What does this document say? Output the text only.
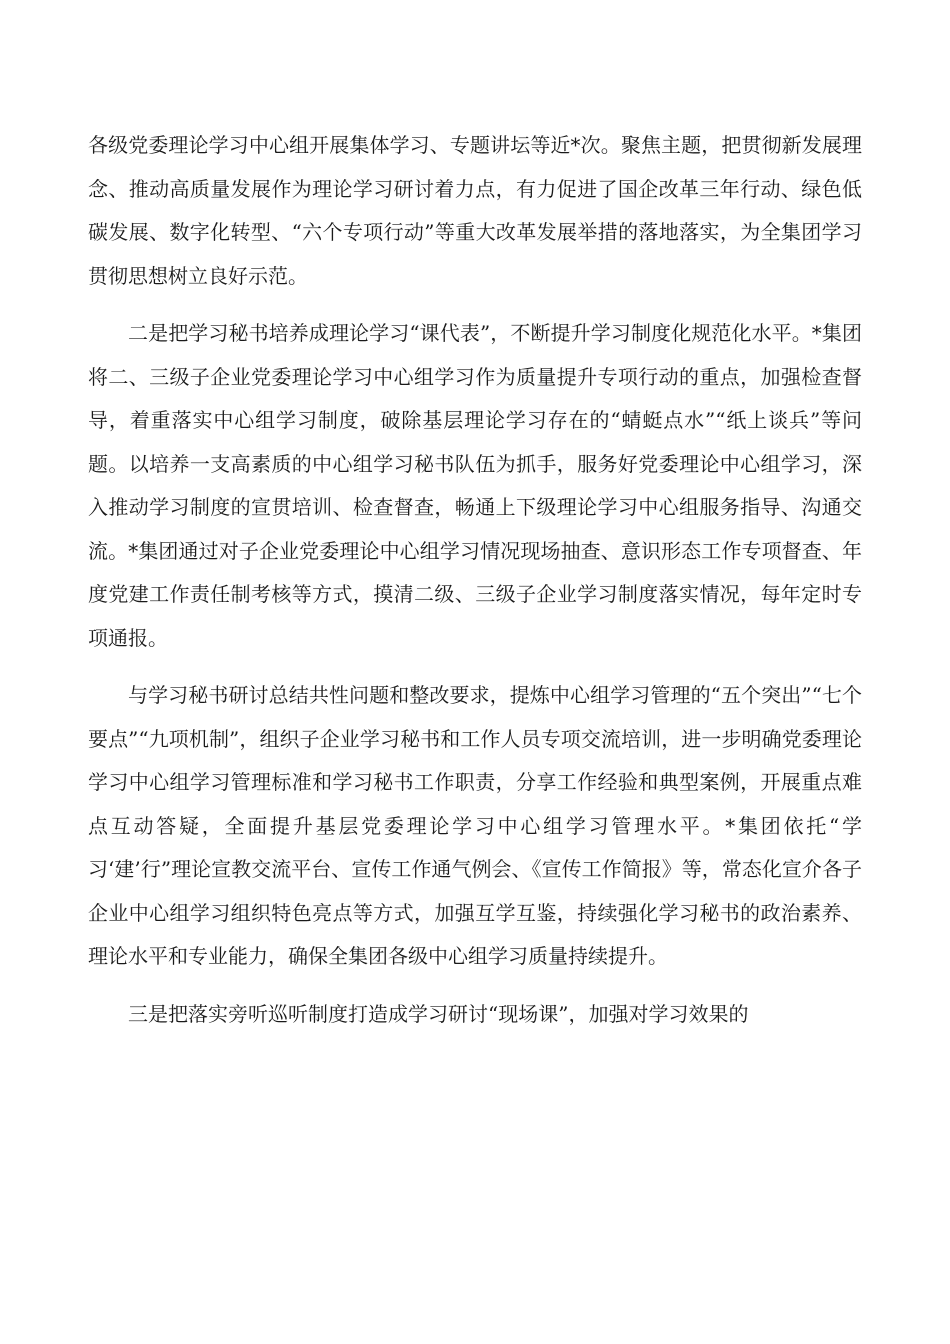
各级党委理论学习中心组开展集体学习、专题讲坛等近*次。聚焦主题，把贯彻新发展理念、推动高质量发展作为理论学习研讨着力点，有力促进了国企改革三年行动、绿色低碳发展、数字化转型、“六个专项行动”等重大改革发展举措的落地落实，为全集团学习贯彻思想树立良好示范。

二是把学习秘书培养成理论学习“课代表”，不断提升学习制度化规范化水平。*集团将二、三级子企业党委理论学习中心组学习作为质量提升专项行动的重点，加强检查督导，着重落实中心组学习制度，破除基层理论学习存在的“蜻蜓点水”“纸上谈兵”等问题。以培养一支高素质的中心组学习秘书队伍为抓手，服务好党委理论中心组学习，深入推动学习制度的宣贯培训、检查督查，畅通上下级理论学习中心组服务指导、沟通交流。*集团通过对子企业党委理论中心组学习情况现场抽查、意识形态工作专项督查、年度党建工作责任制考核等方式，摸清二级、三级子企业学习制度落实情况，每年定时专项通报。

与学习秘书研讨总结共性问题和整改要求，提炼中心组学习管理的“五个突出”“七个要点”“九项机制”，组织子企业学习秘书和工作人员专项交流培训，进一步明确党委理论学习中心组学习管理标准和学习秘书工作职责，分享工作经验和典型案例，开展重点难点互动答疑，全面提升基层党委理论学习中心组学习管理水平。*集团依托“学习‘建’行”理论宣教交流平台、宣传工作通气例会、《宣传工作简报》等，常态化宣介各子企业中心组学习组织特色亮点等方式，加强互学互鉴，持续强化学习秘书的政治素养、理论水平和专业能力，确保全集团各级中心组学习质量持续提升。

三是把落实旁听巡听制度打造成学习研讨“现场课”，加强对学习效果的
